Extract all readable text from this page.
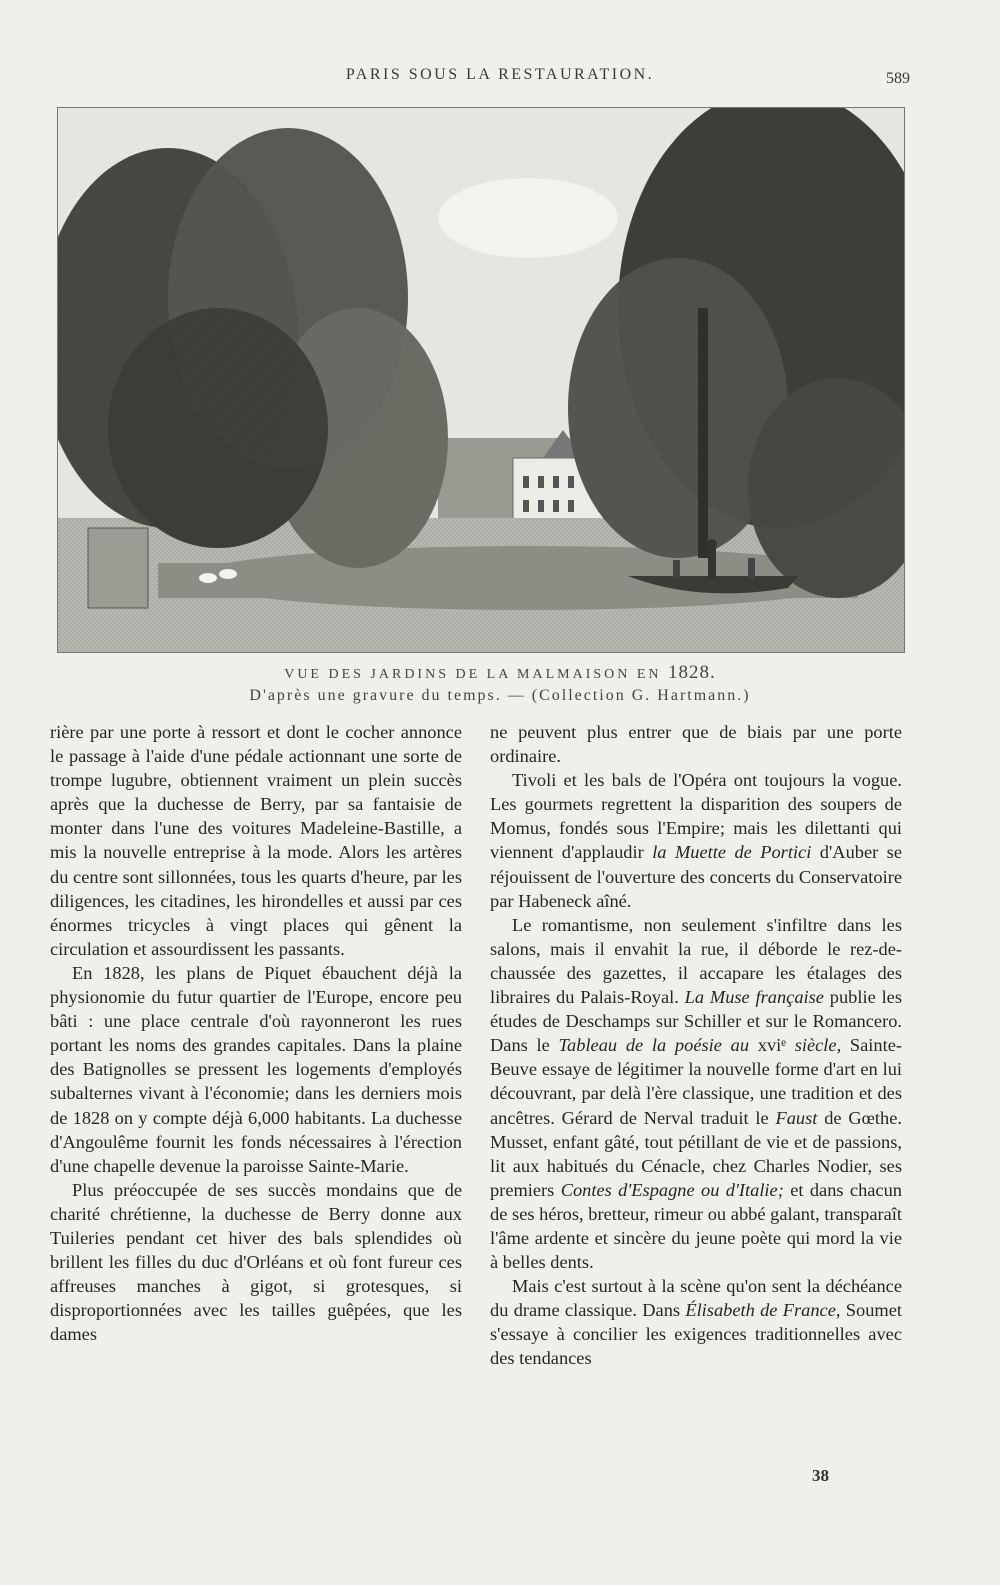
PARIS SOUS LA RESTAURATION.	589
VUE DES JARDINS DE LA MALMAISON EN 1828.
D'après une gravure du temps. — (Collection G. Hartmann.)

rière par une porte à ressort et dont le cocher annonce le passage à l'aide d'une pédale actionnant une sorte de trompe lugubre, obtiennent vraiment un plein succès après que la duchesse de Berry, par sa fantaisie de monter dans l'une des voitures Madeleine-Bastille, a mis la nouvelle entreprise à la mode. Alors les artères du centre sont sillonnées, tous les quarts d'heure, par les diligences, les citadines, les hirondelles et aussi par ces énormes tricycles à vingt places qui gênent la circulation et assourdissent les passants.

En 1828, les plans de Piquet ébauchent déjà la physionomie du futur quartier de l'Europe, encore peu bâti : une place centrale d'où rayonneront les rues portant les noms des grandes capitales. Dans la plaine des Batignolles se pressent les logements d'employés subalternes vivant à l'économie; dans les derniers mois de 1828 on y compte déjà 6,000 habitants. La duchesse d'Angoulême fournit les fonds nécessaires à l'érection d'une chapelle devenue la paroisse Sainte-Marie.

Plus préoccupée de ses succès mondains que de charité chrétienne, la duchesse de Berry donne aux Tuileries pendant cet hiver des bals splendides où brillent les filles du duc d'Orléans et où font fureur ces affreuses manches à gigot, si grotesques, si disproportionnées avec les tailles guêpées, que les dames

ne peuvent plus entrer que de biais par une porte ordinaire.

Tivoli et les bals de l'Opéra ont toujours la vogue. Les gourmets regrettent la disparition des soupers de Momus, fondés sous l'Empire; mais les dilettanti qui viennent d'applaudir la Muette de Portici d'Auber se réjouissent de l'ouverture des concerts du Conservatoire par Habeneck aîné.

Le romantisme, non seulement s'infiltre dans les salons, mais il envahit la rue, il déborde le rez-de-chaussée des gazettes, il accapare les étalages des libraires du Palais-Royal. La Muse française publie les études de Deschamps sur Schiller et sur le Romancero. Dans le Tableau de la poésie au xviᵉ siècle, Sainte-Beuve essaye de légitimer la nouvelle forme d'art en lui découvrant, par delà l'ère classique, une tradition et des ancêtres. Gérard de Nerval traduit le Faust de Gœthe. Musset, enfant gâté, tout pétillant de vie et de passions, lit aux habitués du Cénacle, chez Charles Nodier, ses premiers Contes d'Espagne ou d'Italie; et dans chacun de ses héros, bretteur, rimeur ou abbé galant, transparaît l'âme ardente et sincère du jeune poète qui mord la vie à belles dents.

Mais c'est surtout à la scène qu'on sent la déchéance du drame classique. Dans Élisabeth de France, Soumet s'essaye à concilier les exigences traditionnelles avec des tendances

38
